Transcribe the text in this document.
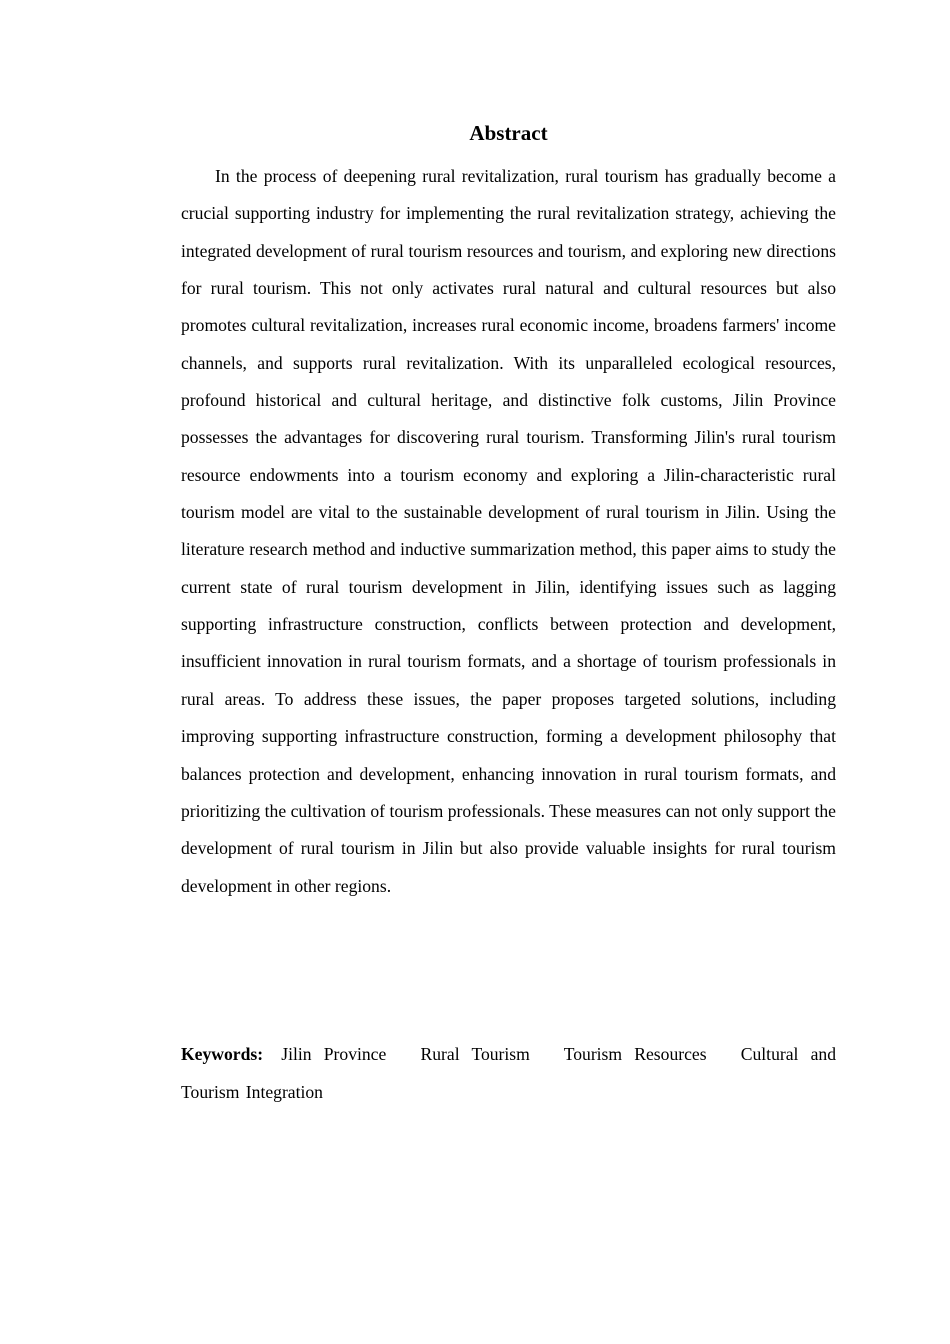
Abstract

In the process of deepening rural revitalization, rural tourism has gradually become a crucial supporting industry for implementing the rural revitalization strategy, achieving the integrated development of rural tourism resources and tourism, and exploring new directions for rural tourism. This not only activates rural natural and cultural resources but also promotes cultural revitalization, increases rural economic income, broadens farmers' income channels, and supports rural revitalization. With its unparalleled ecological resources, profound historical and cultural heritage, and distinctive folk customs, Jilin Province possesses the advantages for discovering rural tourism. Transforming Jilin's rural tourism resource endowments into a tourism economy and exploring a Jilin-characteristic rural tourism model are vital to the sustainable development of rural tourism in Jilin. Using the literature research method and inductive summarization method, this paper aims to study the current state of rural tourism development in Jilin, identifying issues such as lagging supporting infrastructure construction, conflicts between protection and development, insufficient innovation in rural tourism formats, and a shortage of tourism professionals in rural areas. To address these issues, the paper proposes targeted solutions, including improving supporting infrastructure construction, forming a development philosophy that balances protection and development, enhancing innovation in rural tourism formats, and prioritizing the cultivation of tourism professionals. These measures can not only support the development of rural tourism in Jilin but also provide valuable insights for rural tourism development in other regions.

Keywords: Jilin Province Rural Tourism Tourism Resources Cultural and Tourism Integration
